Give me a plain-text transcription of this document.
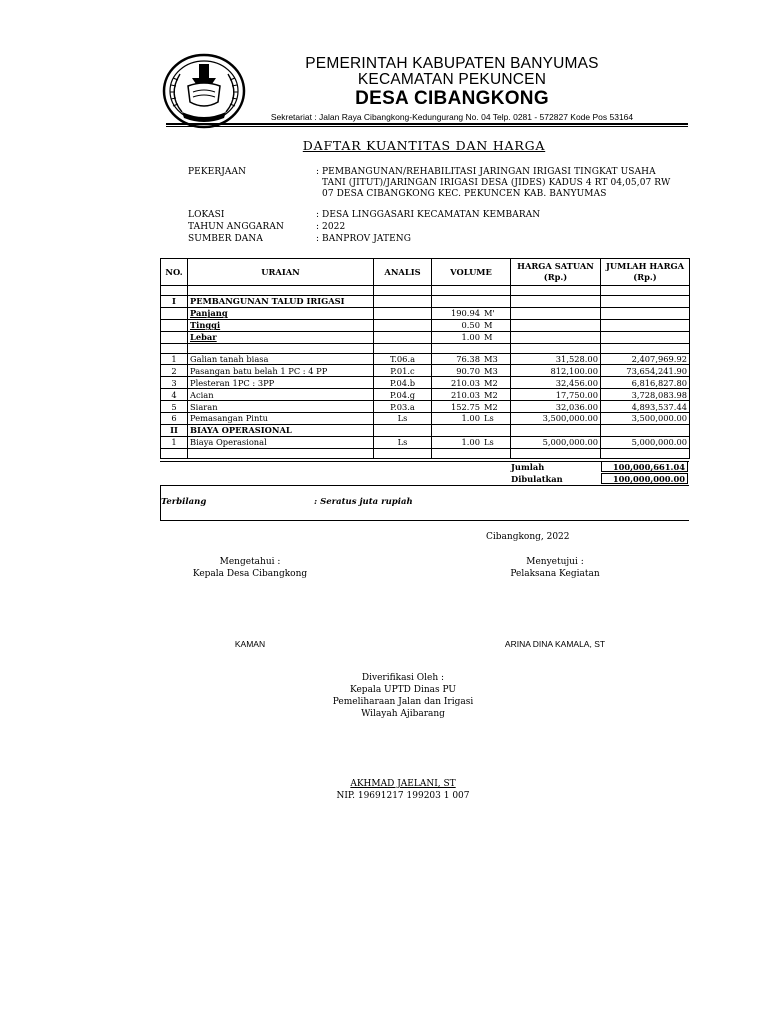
PEMERINTAH KABUPATEN BANYUMAS
KECAMATAN PEKUNCEN
DESA CIBANGKONG
Sekretariat : Jalan Raya Cibangkong-Kedungurang No. 04 Telp. 0281 - 572827 Kode Pos 53164
DAFTAR KUANTITAS DAN HARGA
PEKERJAAN	: PEMBANGUNAN/REHABILITASI JARINGAN IRIGASI TINGKAT USAHA TANI (JITUT)/JARINGAN IRIGASI DESA (JIDES) KADUS 4 RT 04,05,07 RW 07 DESA CIBANGKONG KEC. PEKUNCEN KAB. BANYUMAS
LOKASI	: DESA LINGGASARI KECAMATAN KEMBARAN
TAHUN ANGGARAN	: 2022
SUMBER DANA	: BANPROV JATENG
NO.	URAIAN	ANALIS	VOLUME	HARGA SATUAN (Rp.)	JUMLAH HARGA (Rp.)

I	PEMBANGUNAN TALUD IRIGASI				
	Panjang		190.94 M'		
	Tinggi		0.50 M		
	Lebar		1.00 M		

1	Galian tanah biasa	T.06.a	76.38 M3	31,528.00	2,407,969.92
2	Pasangan batu belah 1 PC : 4 PP	P.01.c	90.70 M3	812,100.00	73,654,241.90
3	Plesteran 1PC : 3PP	P.04.b	210.03 M2	32,456.00	6,816,827.80
4	Acian	P.04.g	210.03 M2	17,750.00	3,728,083.98
5	Siaran	P.03.a	152.75 M2	32,036.00	4,893,537.44
6	Pemasangan Pintu	Ls	1.00 Ls	3,500,000.00	3,500,000.00
II	BIAYA OPERASIONAL				
1	Biaya Operasional	Ls	1.00 Ls	5,000,000.00	5,000,000.00

Jumlah	100,000,661.04
Dibulatkan	100,000,000.00
Terbilang	: Seratus juta rupiah
Cibangkong, 2022
Mengetahui :
Kepala Desa Cibangkong
KAMAN
Menyetujui :
Pelaksana Kegiatan
ARINA DINA KAMALA, ST
Diverifikasi Oleh :
Kepala UPTD Dinas PU
Pemeliharaan Jalan dan Irigasi
Wilayah Ajibarang
AKHMAD JAELANI, ST
NIP. 19691217 199203 1 007
